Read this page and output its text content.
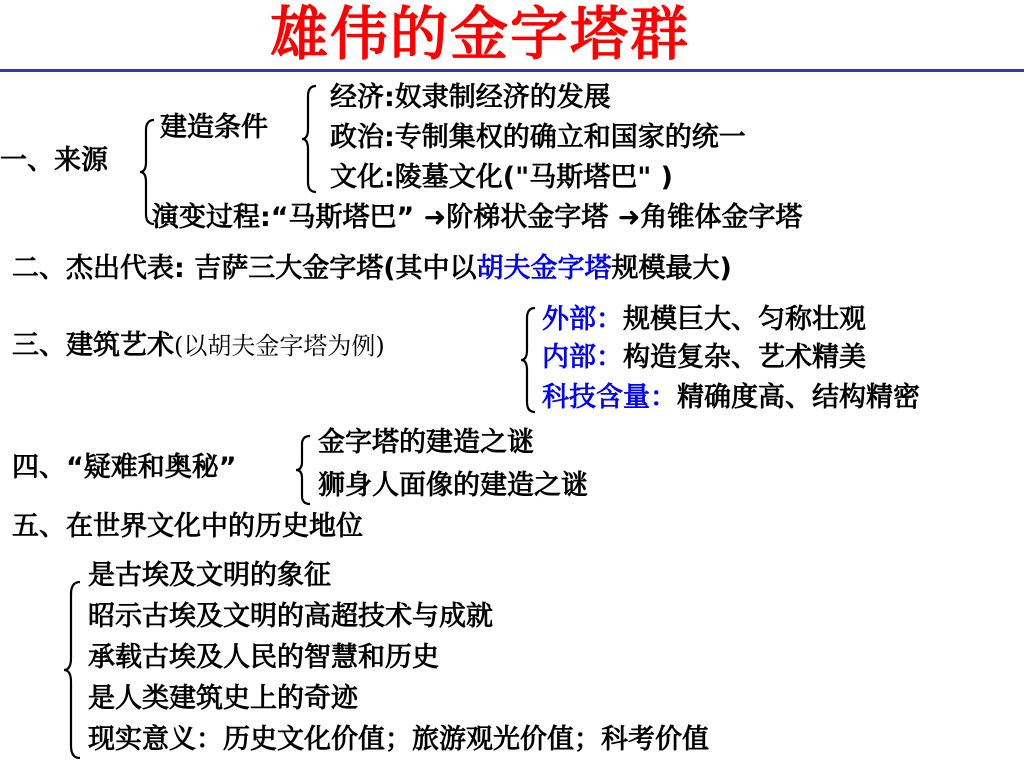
雄伟的金字塔群
一、来源
建造条件
经济:奴隶制经济的发展
政治:专制集权的确立和国家的统一
文化:陵墓文化("马斯塔巴" )
演变过程:“马斯塔巴” ➜阶梯状金字塔 ➜角锥体金字塔
二、杰出代表: 吉萨三大金字塔(其中以胡夫金字塔规模最大)
三、建筑艺术(以胡夫金字塔为例)
外部：规模巨大、匀称壮观
内部：构造复杂、艺术精美
科技含量：精确度高、结构精密
四、“疑难和奥秘”
金字塔的建造之谜
狮身人面像的建造之谜
五、在世界文化中的历史地位
是古埃及文明的象征
昭示古埃及文明的高超技术与成就
承载古埃及人民的智慧和历史
是人类建筑史上的奇迹
现实意义：历史文化价值；旅游观光价值；科考价值
